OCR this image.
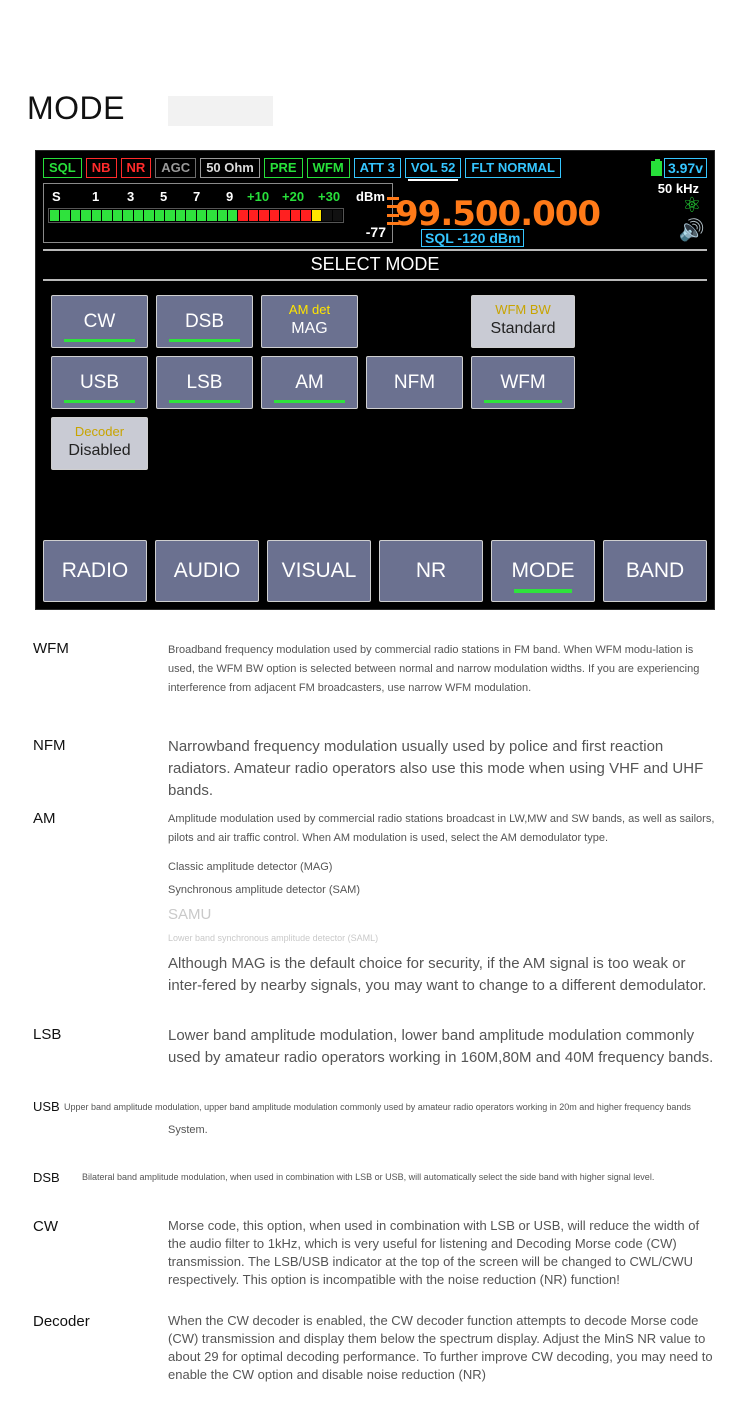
MODE
SQL	NB	NR	AGC	50 Ohm	PRE	WFM	ATT 3	VOL 52	FLT NORMAL	3.97v
S 1 3 5 7 9 +10 +20 +30 dBm
-77
50 kHz
99.500.000
SQL -120 dBm
⚛
🔊
SELECT MODE
CW	DSB
AM det
MAG
WFM BW
Standard
USB	LSB	AM	NFM	WFM
Decoder
Disabled
RADIO AUDIO VISUAL	NR	MODE BAND
WFM	Broadband frequency modulation used by commercial radio stations in FM band. When WFM modu-lation is used, the WFM BW option is selected between normal and narrow modulation widths. If you are experiencing interference from adjacent FM broadcasters, use narrow WFM modulation.
NFM	Narrowband frequency modulation usually used by police and first reaction radiators. Amateur radio operators also use this mode when using VHF and UHF bands.
AM	Amplitude modulation used by commercial radio stations broadcast in LW,MW and SW bands, as well as sailors, pilots and air traffic control. When AM modulation is used, select the AM demodulator type.
Classic amplitude detector (MAG)
Synchronous amplitude detector (SAM)
SAMU
Lower band synchronous amplitude detector (SAML)
Although MAG is the default choice for security, if the AM signal is too weak or inter-fered by nearby signals, you may want to change to a different demodulator.
LSB	Lower band amplitude modulation, lower band amplitude modulation commonly used by amateur radio operators working in 160M,80M and 40M frequency bands.
USB Upper band amplitude modulation, upper band amplitude modulation commonly used by amateur radio operators working in 20m and higher frequency bands
System.
DSB Bilateral band amplitude modulation, when used in combination with LSB or USB, will automatically select the side band with higher signal level.
CW	Morse code, this option, when used in combination with LSB or USB, will reduce the width of the audio filter to 1kHz, which is very useful for listening and Decoding Morse code (CW) transmission. The LSB/USB indicator at the top of the screen will be changed to CWL/CWU respectively. This option is incompatible with the noise reduction (NR) function!
Decoder	When the CW decoder is enabled, the CW decoder function attempts to decode Morse code (CW) transmission and display them below the spectrum display. Adjust the MinS NR value to about 29 for optimal decoding performance. To further improve CW decoding, you may need to enable the CW option and disable noise reduction (NR)
